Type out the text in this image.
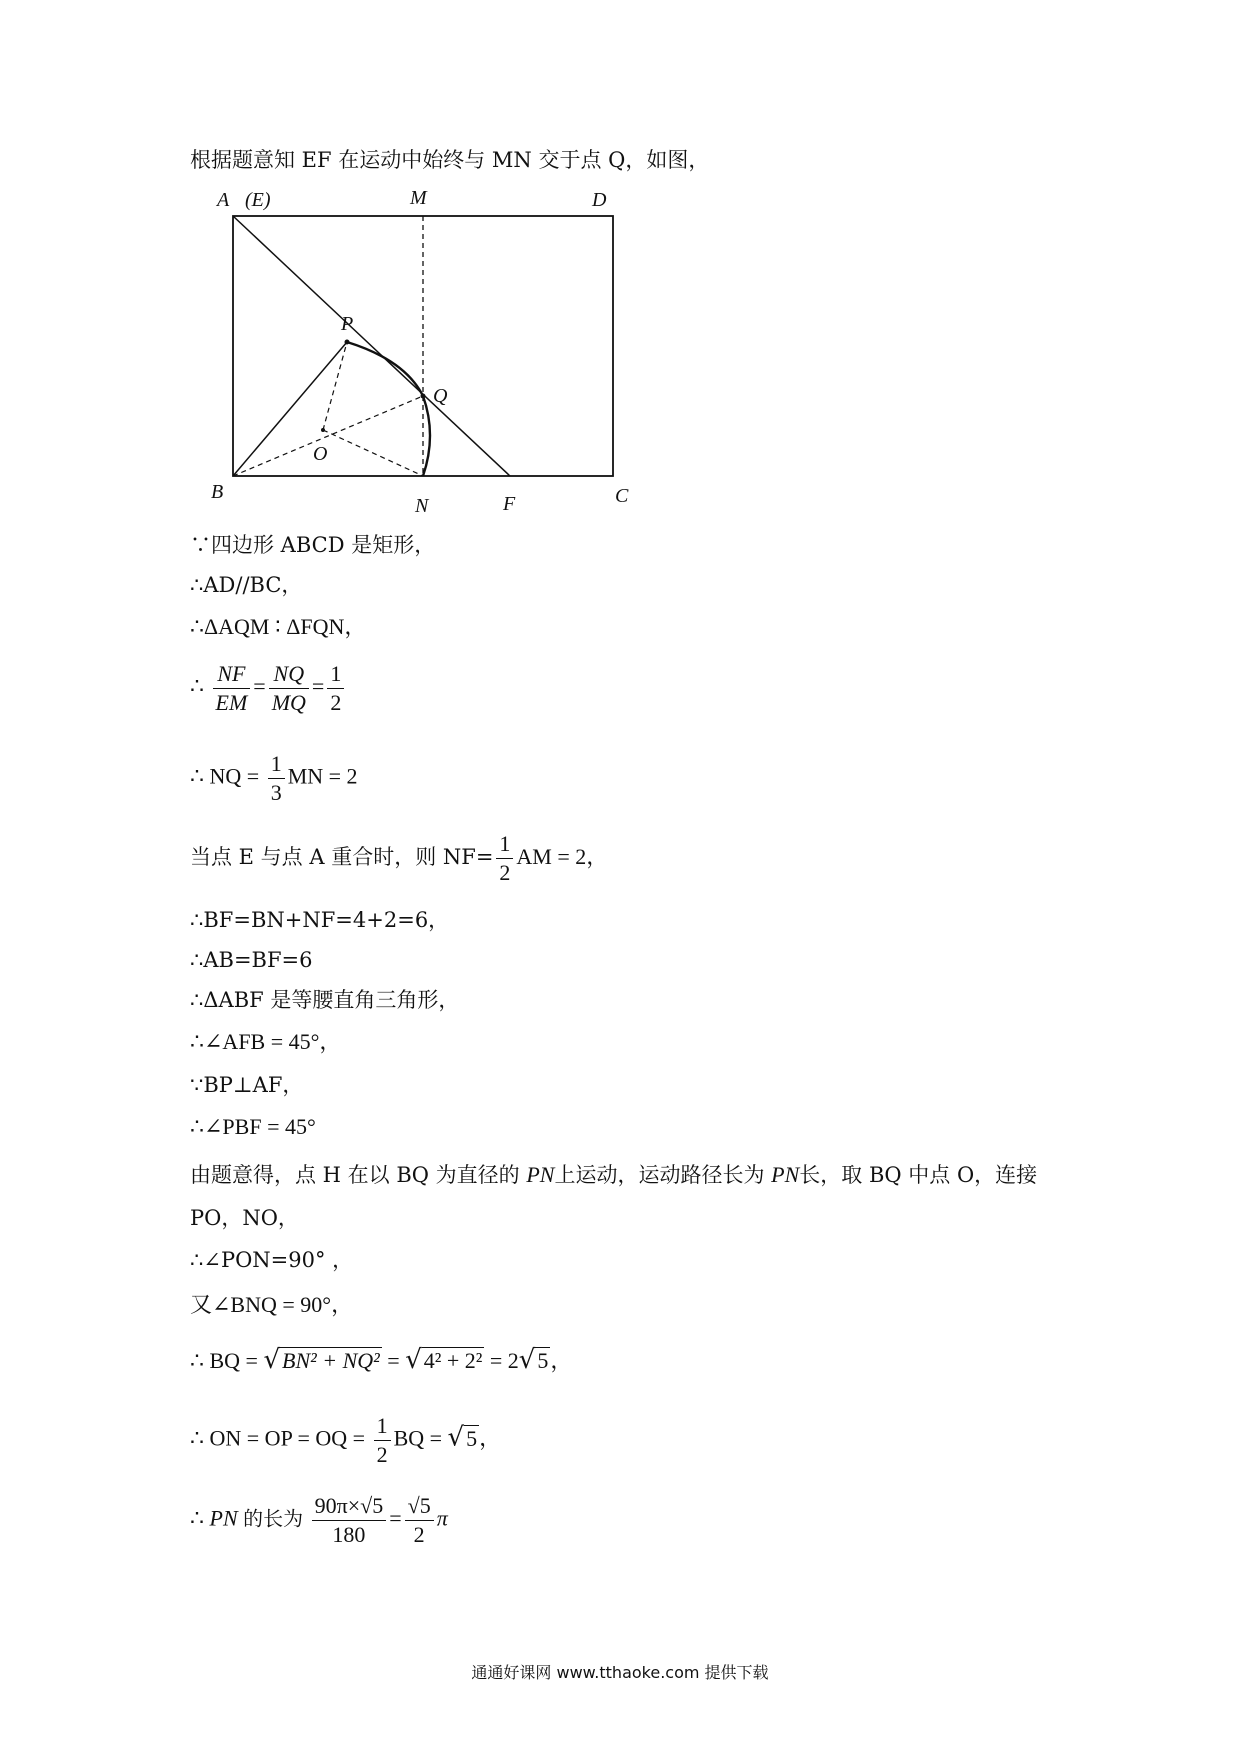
根据题意知 EF 在运动中始终与 MN 交于点 Q，如图，
A (E)	M	D
P
Q
O
B
N	F	C
∵四边形 ABCD 是矩形，
∴AD//BC，
∴ΔAQM ∶ ΔFQN，
∴ $\frac{NF}{EM} = \frac{NQ}{MQ} = \frac{1}{2}$
∴ NQ = $\frac{1}{3}$ MN = 2
当点 E 与点 A 重合时，则 $NF= \frac{1}{2}$ AM = 2，
∴BF=BN+NF=4+2=6，
∴AB=BF=6
∴ΔABF 是等腰直角三角形，
∴∠AFB = 45°，
∵BP⊥AF，
∴∠PBF = 45°
由题意得，点 H 在以 BQ 为直径的 PN上运动，运动路径长为 PN长，取 BQ 中点 O，连接
PO，NO，
∴∠PON=90° ，
又∠BNQ = 90°，
∴ BQ = √BN² + NQ² = √4² + 2² = 2√5，
∴ ON = OP = OQ = $\frac{1}{2}$ BQ = √5，
∴ PN 的长为 $\frac{90\pi\times√5}{180} = \frac{√5}{2}$ π
通通好课网 www.tthaoke.com 提供下载
